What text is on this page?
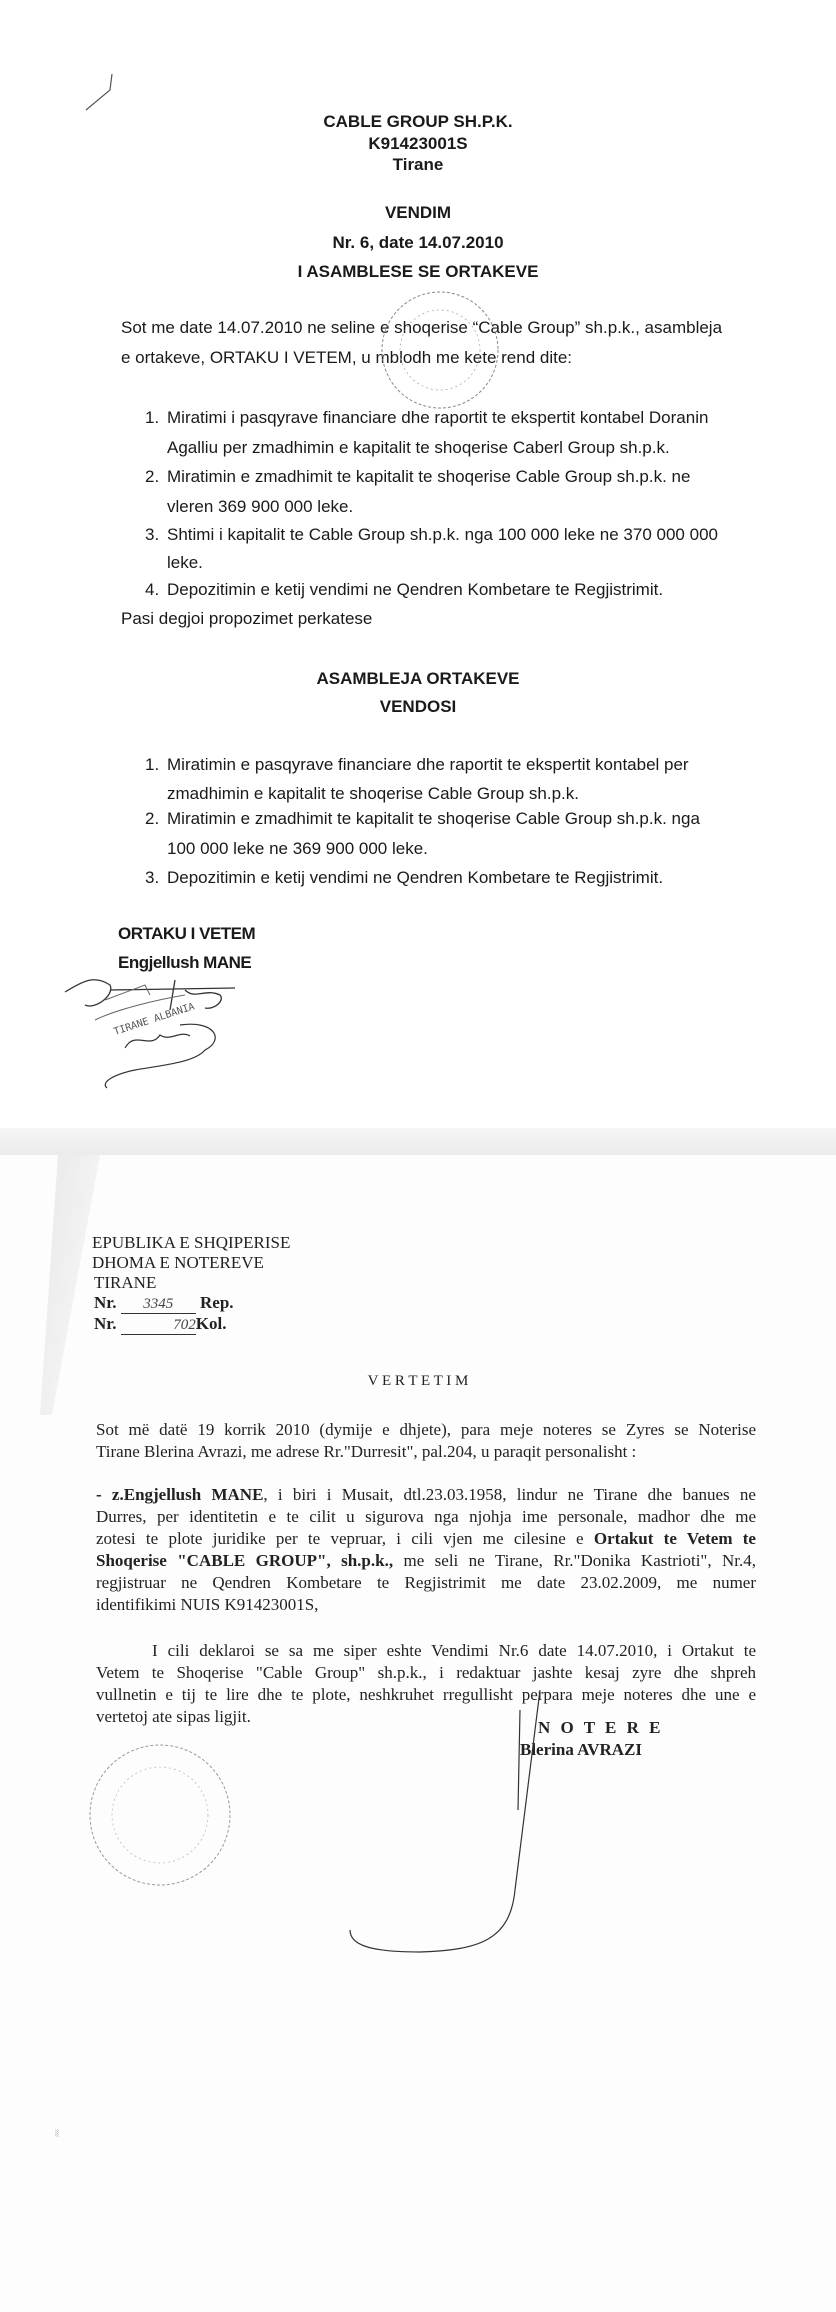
CABLE GROUP SH.P.K.
K91423001S
Tirane
VENDIM
Nr. 6, date 14.07.2010
I ASAMBLESE SE ORTAKEVE
Sot me date 14.07.2010 ne seline e shoqerise “Cable Group” sh.p.k., asambleja
e ortakeve, ORTAKU I VETEM, u mblodh me kete rend dite:
1. Miratimi i pasqyrave financiare dhe raportit te ekspertit kontabel Doranin
Agalliu per zmadhimin e kapitalit te shoqerise Caberl Group sh.p.k.
2. Miratimin e zmadhimit te kapitalit te shoqerise Cable Group sh.p.k. ne
vleren 369 900 000 leke.
3. Shtimi i kapitalit te Cable Group sh.p.k. nga 100 000 leke ne 370 000 000
leke.
4. Depozitimin e ketij vendimi ne Qendren Kombetare te Regjistrimit.
Pasi degjoi propozimet perkatese
ASAMBLEJA ORTAKEVE
VENDOSI
1. Miratimin e pasqyrave financiare dhe raportit te ekspertit kontabel per
zmadhimin e kapitalit te shoqerise Cable Group sh.p.k.
2. Miratimin e zmadhimit te kapitalit te shoqerise Cable Group sh.p.k. nga
100 000 leke ne 369 900 000 leke.
3. Depozitimin e ketij vendimi ne Qendren Kombetare te Regjistrimit.
ORTAKU I VETEM
Engjellush MANE
TIRANE ALBANIA
EPUBLIKA E SHQIPERISE
DHOMA E NOTEREVE
TIRANE
Nr. 3345 Rep.
Nr.	702Kol.
V E R T E T I M
Sot më datë 19 korrik 2010 (dymije e dhjete), para meje noteres se Zyres se Noterise
Tirane Blerina Avrazi, me adrese Rr."Durresit", pal.204, u paraqit personalisht :
- z.Engjellush MANE, i biri i Musait, dtl.23.03.1958, lindur ne Tirane dhe banues ne
Durres, per identitetin e te cilit u sigurova nga njohja ime personale, madhor dhe me
zotesi te plote juridike per te vepruar, i cili vjen me cilesine e Ortakut te Vetem te
Shoqerise "CABLE GROUP", sh.p.k., me seli ne Tirane, Rr."Donika Kastrioti", Nr.4,
regjistruar ne Qendren Kombetare te Regjistrimit me date 23.02.2009, me numer
identifikimi NUIS K91423001S,
I cili deklaroi se sa me siper eshte Vendimi Nr.6 date 14.07.2010, i Ortakut te
Vetem te Shoqerise "Cable Group" sh.p.k., i redaktuar jashte kesaj zyre dhe shpreh
vullnetin e tij te lire dhe te plote, neshkruhet rregullisht perpara meje noteres dhe une e
vertetoj ate sipas ligjit.
N O T E R E
Blerina AVRAZI
░
